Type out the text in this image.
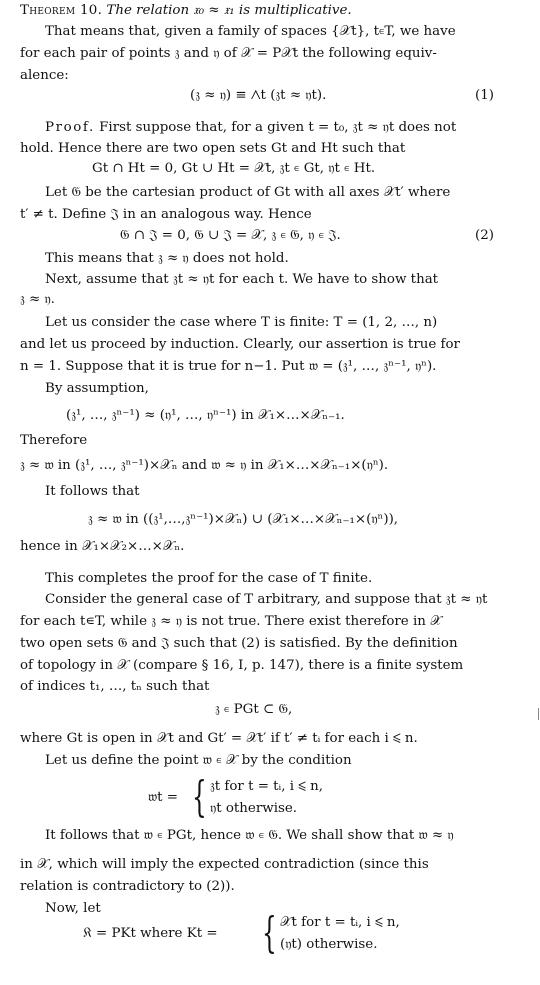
Theorem 10. The relation 𝔵₀ ≈ 𝔵₁ is multiplicative.
That means that, given a family of spaces {𝒳t}, t∊T, we have
for each pair of points 𝔷 and 𝔶 of 𝒳 = P𝒳t the following equiv-
alence:
(𝔷 ≈ 𝔶) ≡ ⋀t (𝔷t ≈ 𝔶t).	(1)
Proof. First suppose that, for a given t = t₀, 𝔷t ≈ 𝔶t does not
hold. Hence there are two open sets Gt and Ht such that
Gt ∩ Ht = 0, Gt ∪ Ht = 𝒳t, 𝔷t ∊ Gt, 𝔶t ∊ Ht.
Let 𝔊 be the cartesian product of Gt with all axes 𝒳t′ where
t′ ≠ t. Define 𝔍 in an analogous way. Hence
𝔊 ∩ 𝔍 = 0, 𝔊 ∪ 𝔍 = 𝒳, 𝔷 ∊ 𝔊, 𝔶 ∊ 𝔍.	(2)
This means that 𝔷 ≈ 𝔶 does not hold.
Next, assume that 𝔷t ≈ 𝔶t for each t. We have to show that
𝔷 ≈ 𝔶.
Let us consider the case where T is finite: T = (1, 2, …, n)
and let us proceed by induction. Clearly, our assertion is true for
n = 1. Suppose that it is true for n−1. Put 𝔴 = (𝔷¹, …, 𝔷ⁿ⁻¹, 𝔶ⁿ).
By assumption,
(𝔷¹, …, 𝔷ⁿ⁻¹) ≈ (𝔶¹, …, 𝔶ⁿ⁻¹) in 𝒳₁×…×𝒳ₙ₋₁.
Therefore
𝔷 ≈ 𝔴 in (𝔷¹, …, 𝔷ⁿ⁻¹)×𝒳ₙ and 𝔴 ≈ 𝔶 in 𝒳₁×…×𝒳ₙ₋₁×(𝔶ⁿ).
It follows that
𝔷 ≈ 𝔴 in ((𝔷¹,…,𝔷ⁿ⁻¹)×𝒳ₙ) ∪ (𝒳₁×…×𝒳ₙ₋₁×(𝔶ⁿ)),
hence in 𝒳₁×𝒳₂×…×𝒳ₙ.
This completes the proof for the case of T finite.
Consider the general case of T arbitrary, and suppose that 𝔷t ≈ 𝔶t
for each t∊T, while 𝔷 ≈ 𝔶 is not true. There exist therefore in 𝒳
two open sets 𝔊 and 𝔍 such that (2) is satisfied. By the definition
of topology in 𝒳 (compare § 16, I, p. 147), there is a finite system
of indices t₁, …, tₙ such that
𝔷 ∊ PGt ⊂ 𝔊,
where Gt is open in 𝒳t and Gt′ = 𝒳t′ if t′ ≠ tᵢ for each i ⩽ n.
Let us define the point 𝔴 ∊ 𝒳 by the condition
𝔴t = { 𝔷t for t = tᵢ, i ⩽ n,
𝔶t otherwise.
It follows that 𝔴 ∊ PGt, hence 𝔴 ∊ 𝔊. We shall show that 𝔴 ≈ 𝔶
in 𝒳, which will imply the expected contradiction (since this
relation is contradictory to (2)).
Now, let
𝔎 = PKt where Kt = { 𝒳t for t = tᵢ, i ⩽ n,
(𝔶t) otherwise.
